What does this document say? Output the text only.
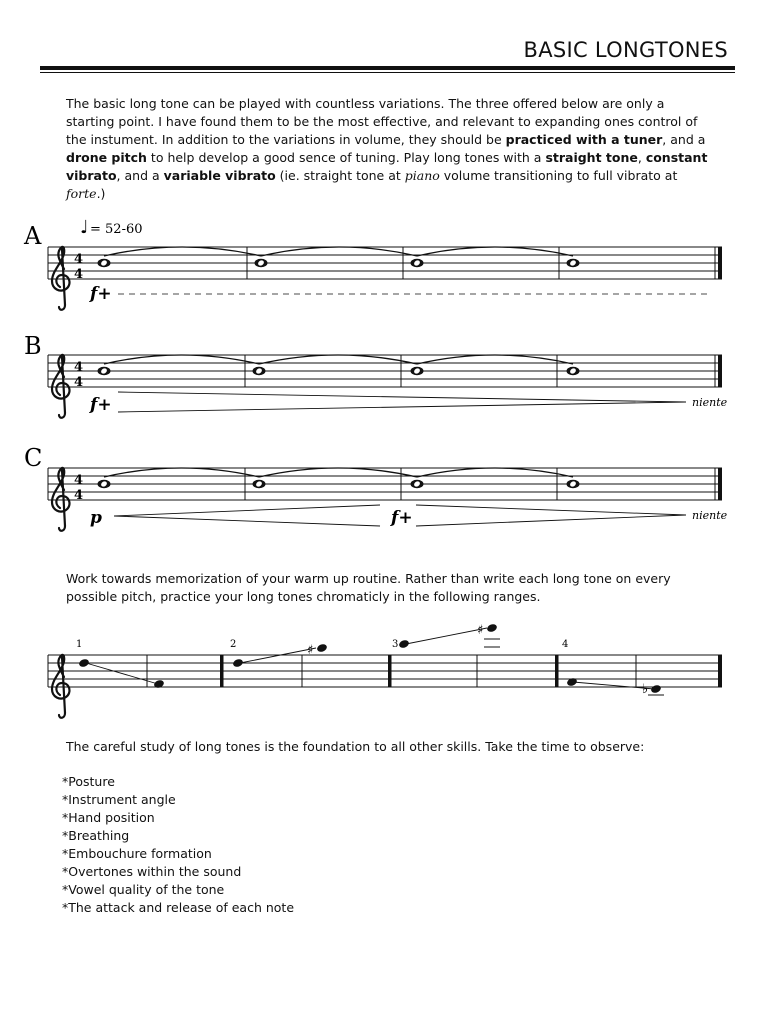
BASIC LONGTONES
The basic long tone can be played with countless variations. The three offered below are only a starting point. I have found them to be the most effective, and relevant to expanding ones control of the instument. In addition to the variations in volume, they should be practiced with a tuner, and a drone pitch to help develop a good sence of tuning. Play long tones with a straight tone, constant vibrato, and a variable vibrato (ie. straight tone at piano volume transitioning to full vibrato at forte.)
A ♩ = 52-60
4
4
f+
B
4
4
f+	niente
C
4
4
p	f+	niente
1	2	3	4
♯
♯
♭
Work towards memorization of your warm up routine. Rather than write each long tone on every possible pitch, practice your long tones chromaticly in the following ranges.
The careful study of long tones is the foundation to all other skills. Take the time to observe:
*Posture
*Instrument angle
*Hand position
*Breathing
*Embouchure formation
*Overtones within the sound
*Vowel quality of the tone
*The attack and release of each note
